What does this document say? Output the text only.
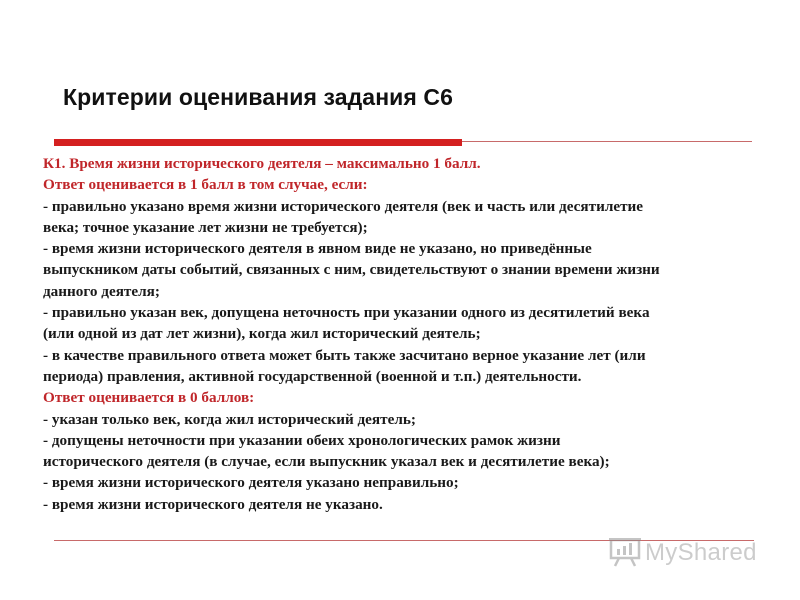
Критерии оценивания задания С6

К1. Время жизни исторического деятеля – максимально 1 балл.

Ответ оценивается в 1 балл в том случае, если:

- правильно указано время жизни исторического деятеля (век и часть или десятилетие

века; точное указание лет жизни не требуется);

- время жизни исторического деятеля в явном виде не указано, но приведённые

выпускником даты событий, связанных с ним, свидетельствуют о знании времени жизни

данного деятеля;

- правильно указан век, допущена неточность при указании одного из десятилетий века

(или одной из дат лет жизни), когда жил исторический деятель;

- в качестве правильного ответа может быть также засчитано верное указание лет (или

периода) правления, активной государственной (военной и т.п.) деятельности.

Ответ оценивается в 0 баллов:

- указан только век, когда жил исторический деятель;

- допущены неточности при указании обеих хронологических рамок жизни

исторического деятеля (в случае, если выпускник указал век и десятилетие века);

- время жизни исторического деятеля указано неправильно;

- время жизни исторического деятеля не указано.

MyShared
